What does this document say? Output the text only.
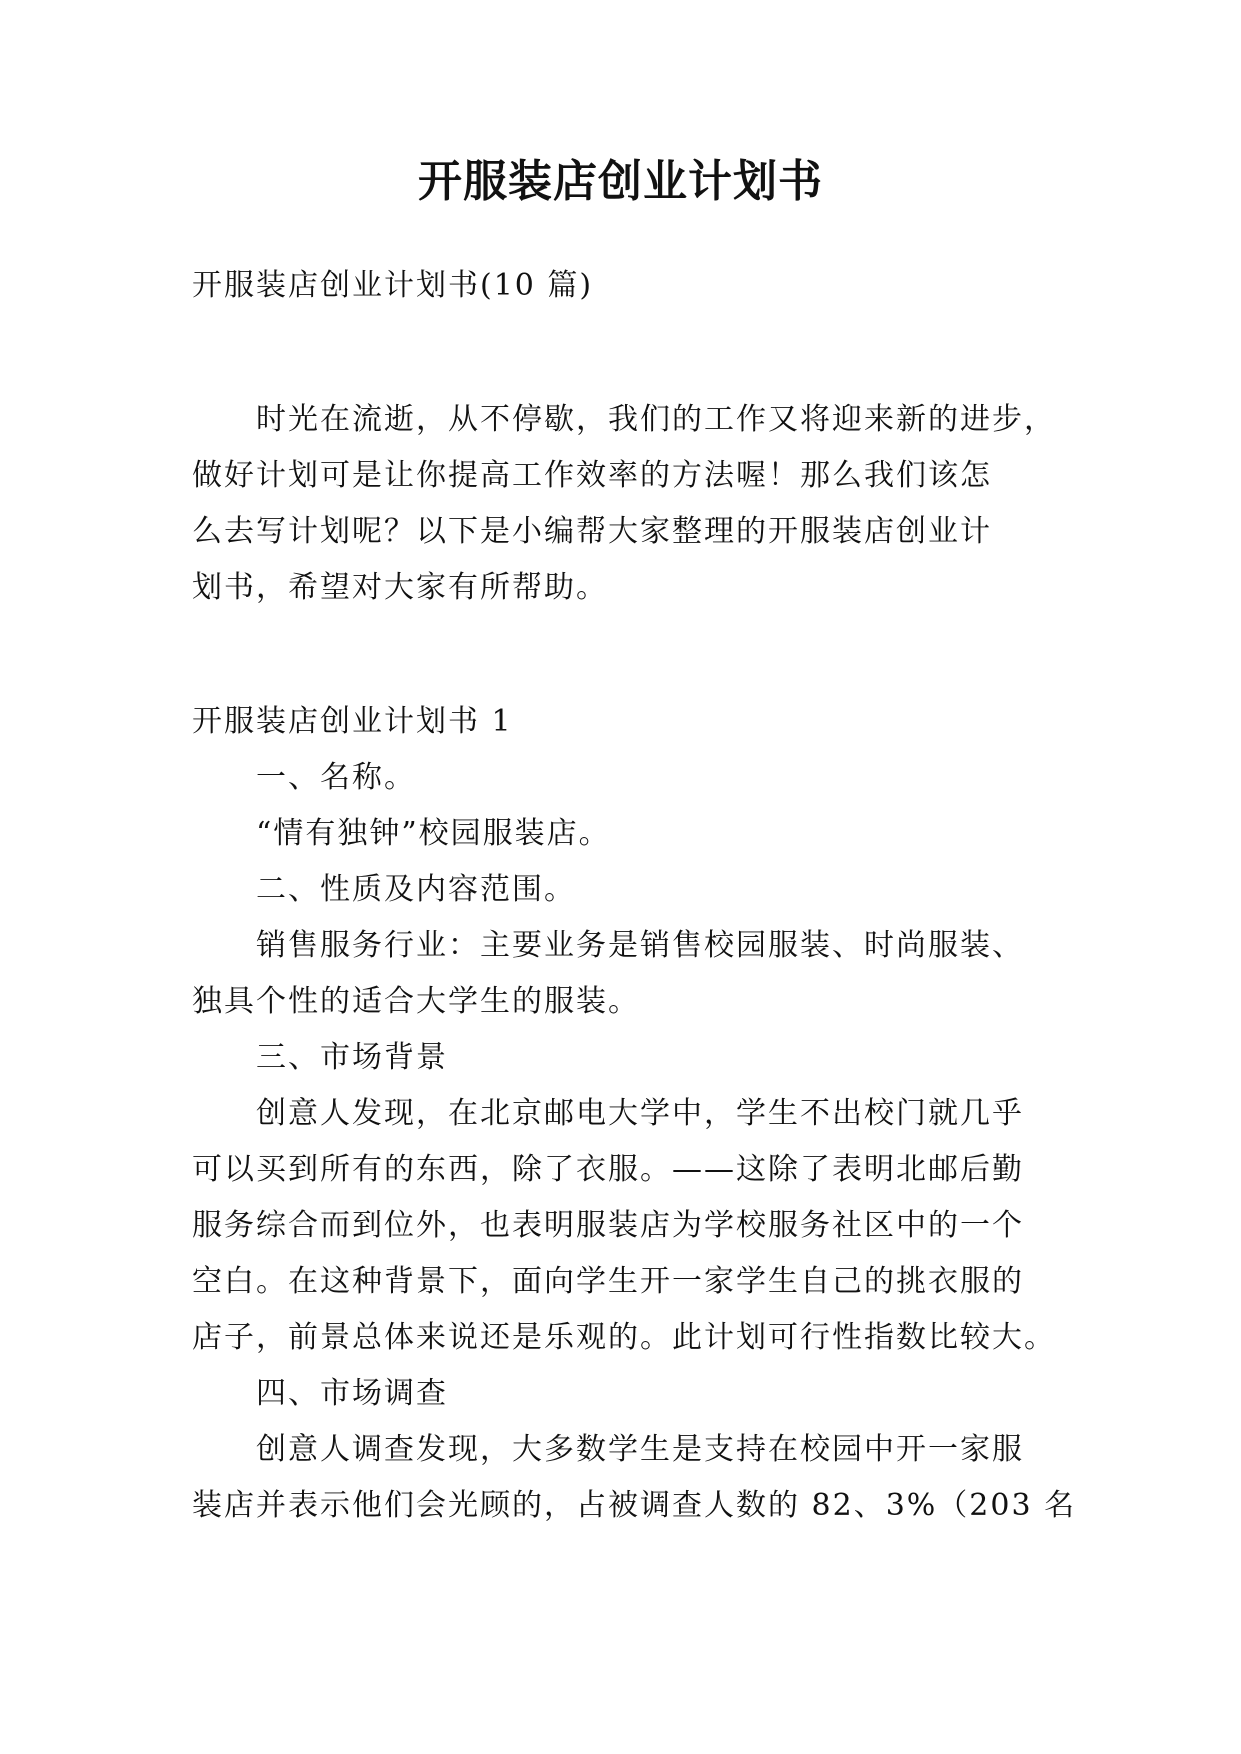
开服装店创业计划书
开服装店创业计划书(10 篇)
时光在流逝，从不停歇，我们的工作又将迎来新的进步，
做好计划可是让你提高工作效率的方法喔！那么我们该怎
么去写计划呢？以下是小编帮大家整理的开服装店创业计
划书，希望对大家有所帮助。
开服装店创业计划书 1
一、名称。
“情有独钟”校园服装店。
二、性质及内容范围。
销售服务行业：主要业务是销售校园服装、时尚服装、
独具个性的适合大学生的服装。
三、市场背景
创意人发现，在北京邮电大学中，学生不出校门就几乎
可以买到所有的东西，除了衣服。——这除了表明北邮后勤
服务综合而到位外，也表明服装店为学校服务社区中的一个
空白。在这种背景下，面向学生开一家学生自己的挑衣服的
店子，前景总体来说还是乐观的。此计划可行性指数比较大。
四、市场调查
创意人调查发现，大多数学生是支持在校园中开一家服
装店并表示他们会光顾的，占被调查人数的 82、3%（203 名
